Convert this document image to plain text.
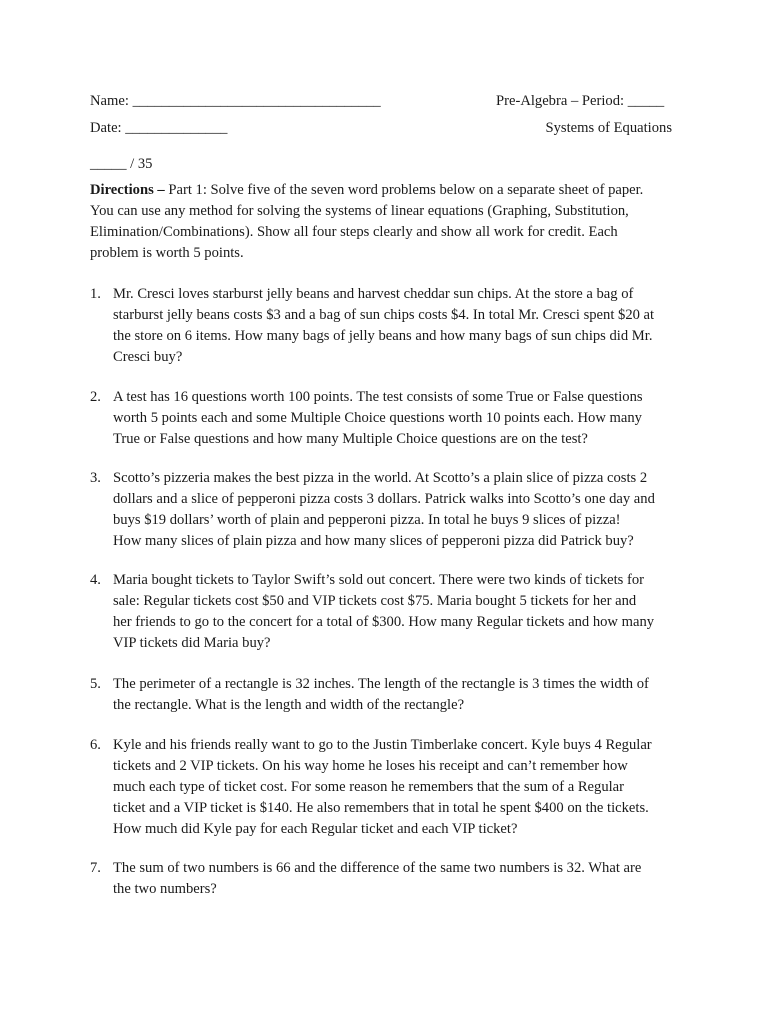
Name: __________________________________	Pre-Algebra – Period: _____
Date: ______________	Systems of Equations
_____ / 35
Directions – Part 1: Solve five of the seven word problems below on a separate sheet of paper.
You can use any method for solving the systems of linear equations (Graphing, Substitution,
Elimination/Combinations). Show all four steps clearly and show all work for credit. Each
problem is worth 5 points.
1. Mr. Cresci loves starburst jelly beans and harvest cheddar sun chips. At the store a bag of
starburst jelly beans costs $3 and a bag of sun chips costs $4. In total Mr. Cresci spent $20 at
the store on 6 items. How many bags of jelly beans and how many bags of sun chips did Mr.
Cresci buy?
2. A test has 16 questions worth 100 points. The test consists of some True or False questions
worth 5 points each and some Multiple Choice questions worth 10 points each. How many
True or False questions and how many Multiple Choice questions are on the test?
3. Scotto’s pizzeria makes the best pizza in the world. At Scotto’s a plain slice of pizza costs 2
dollars and a slice of pepperoni pizza costs 3 dollars. Patrick walks into Scotto’s one day and
buys $19 dollars’ worth of plain and pepperoni pizza. In total he buys 9 slices of pizza!
How many slices of plain pizza and how many slices of pepperoni pizza did Patrick buy?
4. Maria bought tickets to Taylor Swift’s sold out concert. There were two kinds of tickets for
sale: Regular tickets cost $50 and VIP tickets cost $75. Maria bought 5 tickets for her and
her friends to go to the concert for a total of $300. How many Regular tickets and how many
VIP tickets did Maria buy?
5. The perimeter of a rectangle is 32 inches. The length of the rectangle is 3 times the width of
the rectangle. What is the length and width of the rectangle?
6. Kyle and his friends really want to go to the Justin Timberlake concert. Kyle buys 4 Regular
tickets and 2 VIP tickets. On his way home he loses his receipt and can’t remember how
much each type of ticket cost. For some reason he remembers that the sum of a Regular
ticket and a VIP ticket is $140. He also remembers that in total he spent $400 on the tickets.
How much did Kyle pay for each Regular ticket and each VIP ticket?
7. The sum of two numbers is 66 and the difference of the same two numbers is 32. What are
the two numbers?
